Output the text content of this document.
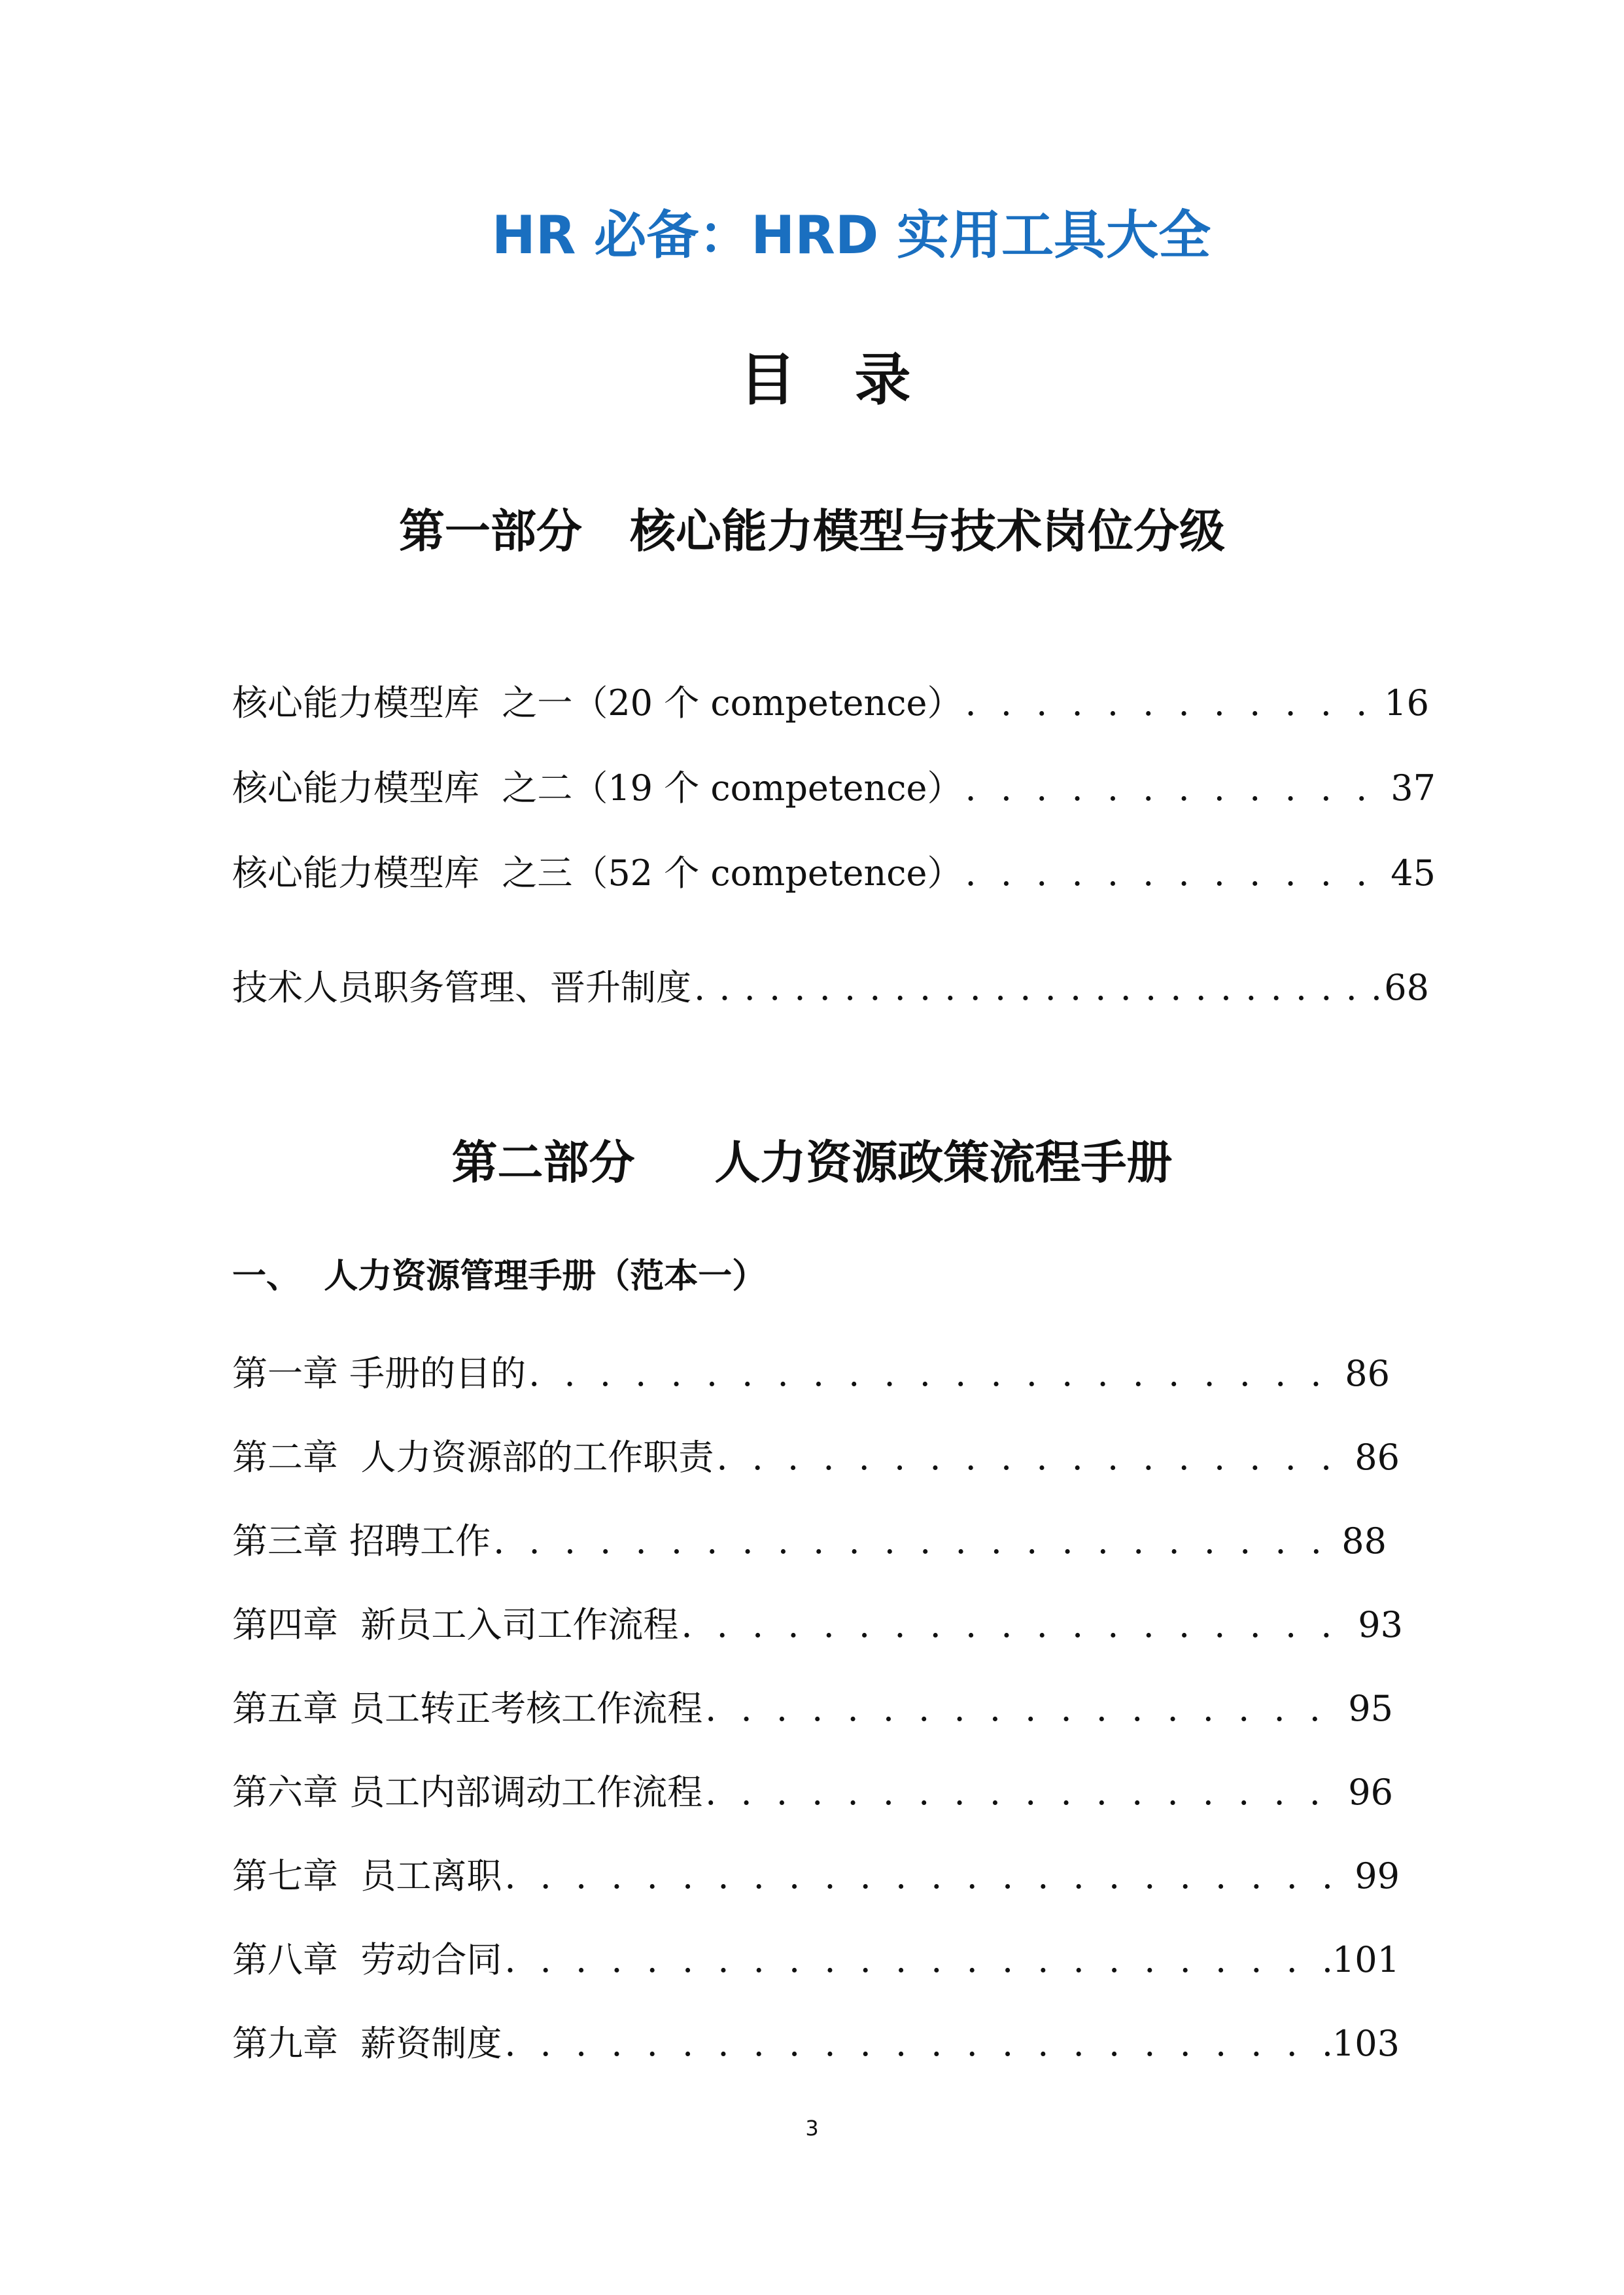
HR 必备：HRD 实用工具大全
目录
第一部分   核心能力模型与技术岗位分级
核心能力模型库  之一（20 个 competence） . . .	16
核心能力模型库  之二（19 个 competence） . . .	37
核心能力模型库  之三（52 个 competence） . . .	45
技术人员职务管理、晋升制度 . . .	68
第二部分     人力资源政策流程手册
一、  人力资源管理手册（范本一）
第一章 手册的目的 . . .	86
第二章  人力资源部的工作职责 . . .	86
第三章 招聘工作 . . .	88
第四章  新员工入司工作流程 . . .	93
第五章 员工转正考核工作流程 . . .	95
第六章 员工内部调动工作流程 . . .	96
第七章  员工离职 . . .	99
第八章  劳动合同 . . .	101
第九章  薪资制度 . . .	103
3
